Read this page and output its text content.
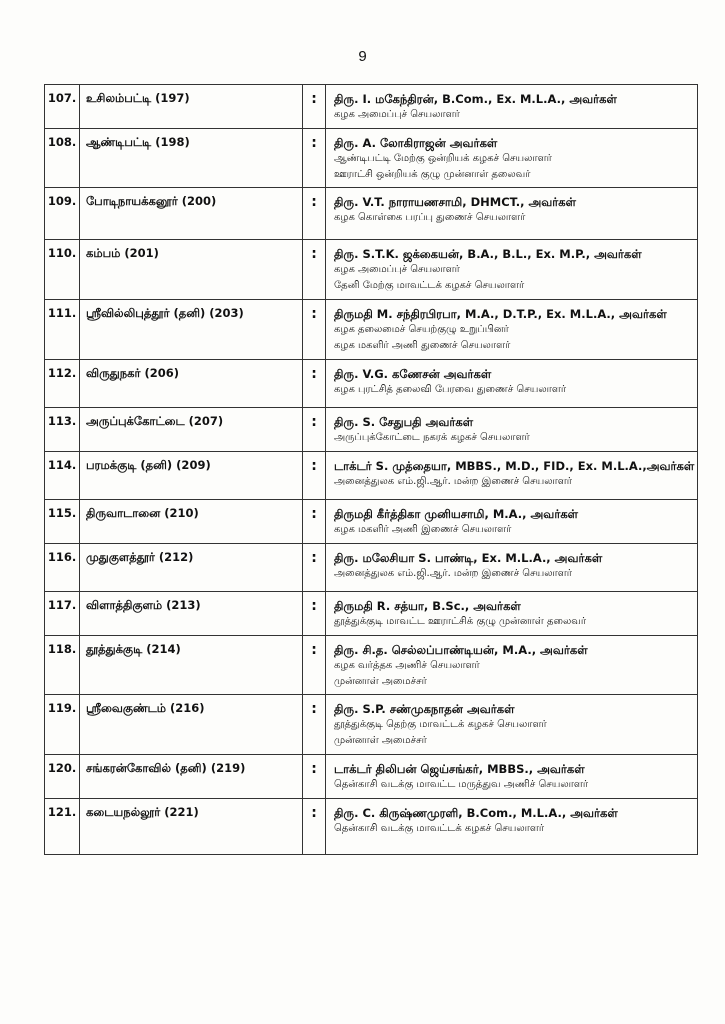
9
107.	உசிலம்பட்டி (197)	:	திரு. I. மகேந்திரன், B.Com., Ex. M.L.A., அவர்கள்
கழக அமைப்புச் செயலாளர்

108.	ஆண்டிபட்டி (198)	:	திரு. A. லோகிராஜன் அவர்கள்
ஆண்டிபட்டி மேற்கு ஒன்றியக் கழகச் செயலாளர்
ஊராட்சி ஒன்றியக் குழு முன்னாள் தலைவர்

109.	போடிநாயக்கனூர் (200)	:	திரு. V.T. நாராயணசாமி, DHMCT., அவர்கள்
கழக கொள்கை பரப்பு துணைச் செயலாளர்

110.	கம்பம் (201)	:	திரு. S.T.K. ஜக்கையன், B.A., B.L., Ex. M.P., அவர்கள்
கழக அமைப்புச் செயலாளர்
தேனி மேற்கு மாவட்டக் கழகச் செயலாளர்

111.	ஸ்ரீவில்லிபுத்தூர் (தனி) (203)	:	திருமதி M. சந்திரபிரபா, M.A., D.T.P., Ex. M.L.A., அவர்கள்
கழக தலைமைச் செயற்குழு உறுப்பினர்
கழக மகளிர் அணி துணைச் செயலாளர்

112.	விருதுநகர் (206)	:	திரு. V.G. கணேசன் அவர்கள்
கழக புரட்சித் தலைவி பேரவை துணைச் செயலாளர்

113.	அருப்புக்கோட்டை (207)	:	திரு. S. சேதுபதி அவர்கள்
அருப்புக்கோட்டை நகரக் கழகச் செயலாளர்

114.	பரமக்குடி (தனி) (209)	:	டாக்டர் S. முத்தையா, MBBS., M.D., FID., Ex. M.L.A.,அவர்கள்
அனைத்துலக எம்.ஜி.ஆர். மன்ற இணைச் செயலாளர்

115.	திருவாடானை (210)	:	திருமதி கீர்த்திகா முனியசாமி, M.A., அவர்கள்
கழக மகளிர் அணி இணைச் செயலாளர்

116.	முதுகுளத்தூர் (212)	:	திரு. மலேசியா S. பாண்டி, Ex. M.L.A., அவர்கள்
அனைத்துலக எம்.ஜி.ஆர். மன்ற இணைச் செயலாளர்

117.	விளாத்திகுளம் (213)	:	திருமதி R. சத்யா, B.Sc., அவர்கள்
தூத்துக்குடி மாவட்ட ஊராட்சிக் குழு முன்னாள் தலைவர்

118.	தூத்துக்குடி (214)	:	திரு. சி.த. செல்லப்பாண்டியன், M.A., அவர்கள்
கழக வர்த்தக அணிச் செயலாளர்
முன்னாள் அமைச்சர்

119.	ஸ்ரீவைகுண்டம் (216)	:	திரு. S.P. சண்முகநாதன் அவர்கள்
தூத்துக்குடி தெற்கு மாவட்டக் கழகச் செயலாளர்
முன்னாள் அமைச்சர்

120.	சங்கரன்கோவில் (தனி) (219)	:	டாக்டர் திலிபன் ஜெய்சங்கர், MBBS., அவர்கள்
தென்காசி வடக்கு மாவட்ட மருத்துவ அணிச் செயலாளர்

121.	கடையநல்லூர் (221)	:	திரு. C. கிருஷ்ணமுரளி, B.Com., M.L.A., அவர்கள்
தென்காசி வடக்கு மாவட்டக் கழகச் செயலாளர்
